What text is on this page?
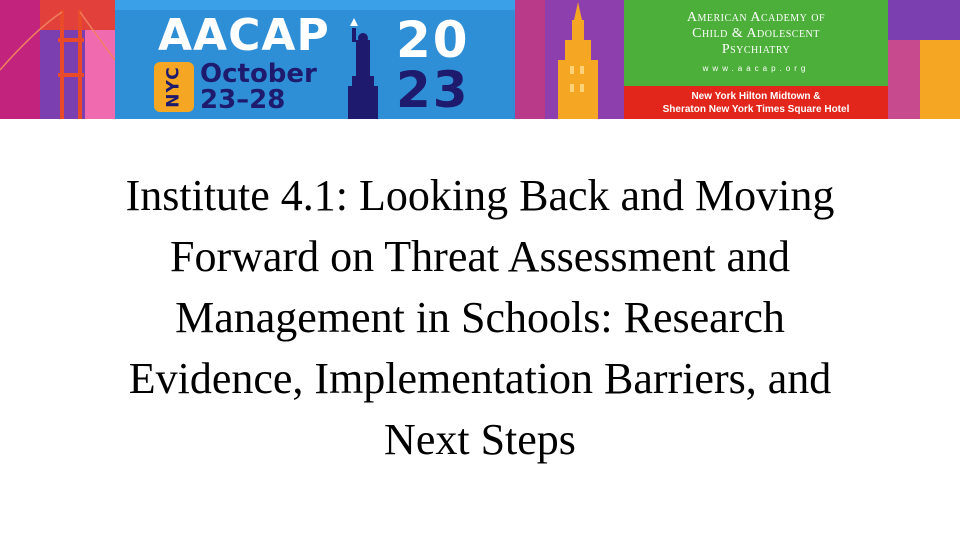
AACAP
NYC October
23–28
20
23
American Academy of
Child & Adolescent
Psychiatry
www.aacap.org
New York Hilton Midtown &
Sheraton New York Times Square Hotel
Institute 4.1: Looking Back and Moving
Forward on Threat Assessment and
Management in Schools: Research
Evidence, Implementation Barriers, and
Next Steps
